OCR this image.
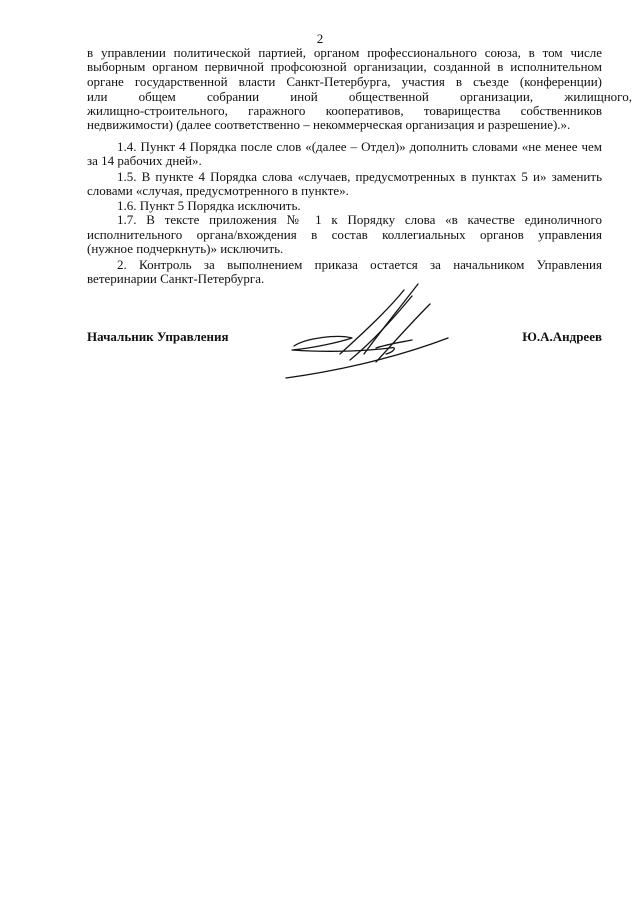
2
в управлении политической партией, органом профессионального союза, в том числе
выборным органом первичной профсоюзной организации, созданной в исполнительном
органе государственной власти Санкт-Петербурга, участия в съезде (конференции)
или общем собрании иной общественной организации, жилищного,
жилищно-строительного, гаражного кооперативов, товарищества собственников
недвижимости) (далее соответственно – некоммерческая организация и разрешение).».
1.4. Пункт 4 Порядка после слов «(далее – Отдел)» дополнить словами «не менее чем
за 14 рабочих дней».
1.5. В пункте 4 Порядка слова «случаев, предусмотренных в пунктах 5 и» заменить
словами «случая, предусмотренного в пункте».
1.6. Пункт 5 Порядка исключить.
1.7. В тексте приложения № 1 к Порядку слова «в качестве единоличного
исполнительного органа/вхождения в состав коллегиальных органов управления
(нужное подчеркнуть)» исключить.
2. Контроль за выполнением приказа остается за начальником Управления
ветеринарии Санкт-Петербурга.
Начальник Управления	Ю.А.Андреев
